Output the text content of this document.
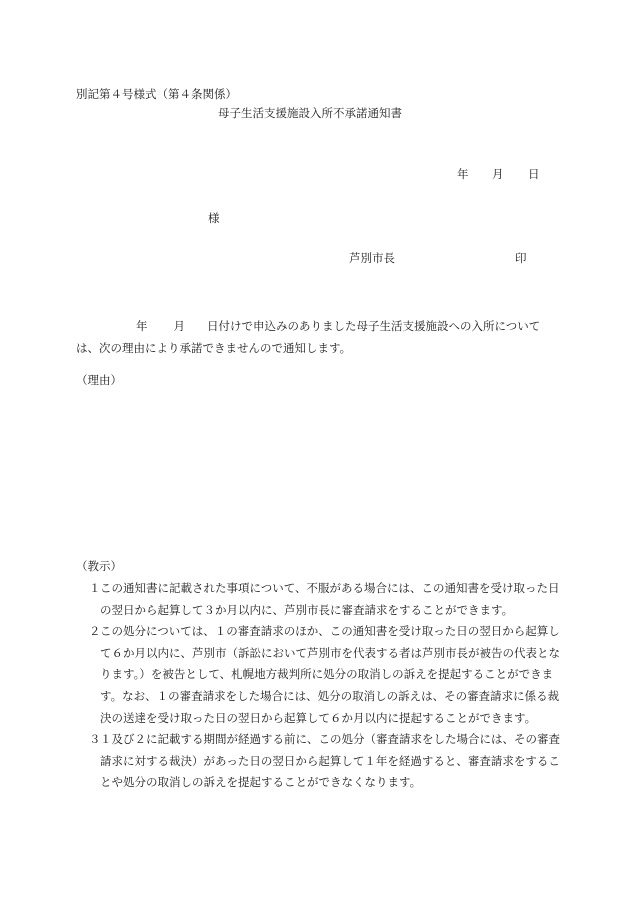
別記第４号様式（第４条関係）
母子生活支援施設入所不承諾通知書
年 月 日
様
芦別市長	印
年 月 日付けで申込みのありました母子生活支援施設への入所については、次の理由により承諾できませんので通知します。
（理由）
（教示）
１ この通知書に記載された事項について、不服がある場合には、この通知書を受け取った日の翌日から起算して３か月以内に、芦別市長に審査請求をすることができます。
２ この処分については、１の審査請求のほか、この通知書を受け取った日の翌日から起算して６か月以内に、芦別市（訴訟において芦別市を代表する者は芦別市長が被告の代表となります。）を被告として、札幌地方裁判所に処分の取消しの訴えを提起することができます。なお、１の審査請求をした場合には、処分の取消しの訴えは、その審査請求に係る裁決の送達を受け取った日の翌日から起算して６か月以内に提起することができます。
３ １及び２に記載する期間が経過する前に、この処分（審査請求をした場合には、その審査請求に対する裁決）があった日の翌日から起算して１年を経過すると、審査請求をすることや処分の取消しの訴えを提起することができなくなります。
